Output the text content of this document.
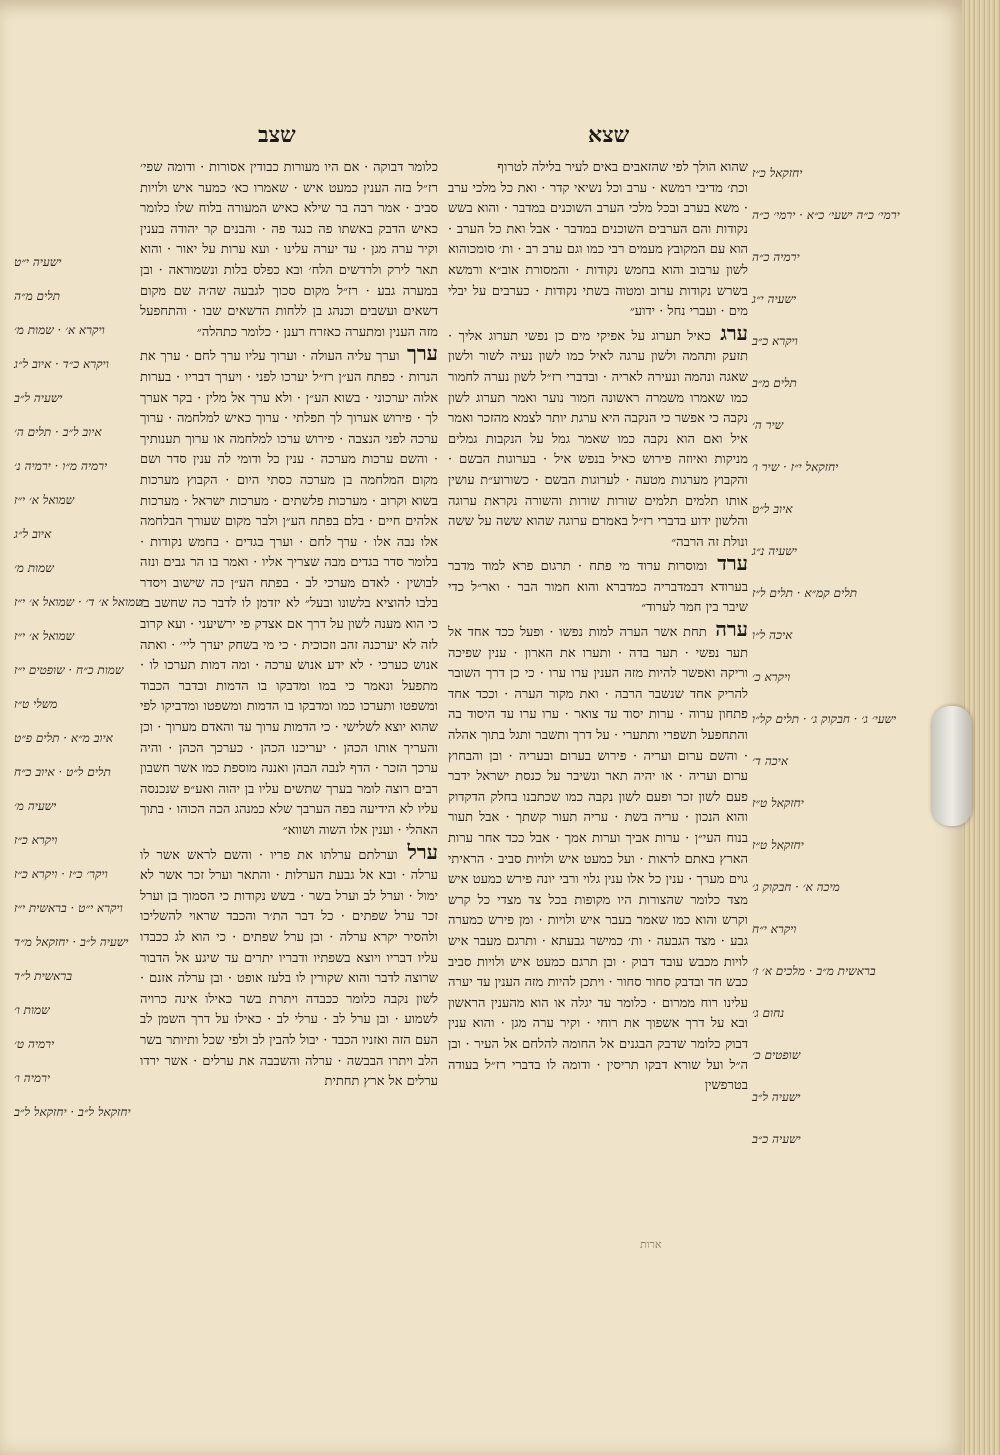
שצא
שצב

שהוא הולך לפי שהזאבים באים לעיר בלילה לטרוף

וכת׳ מדיבי רמשא · ערב וכל נשיאי קדר · ואת כל מלכי ערב · משא בערב ובכל מלכי הערב השוכנים במדבר · והוא בשש נקודות והם הערבים השוכנים במדבר · אבל ואת כל הערב · הוא עם המקובץ מעמים רבי כמו וגם ערב רב · ות׳ סומכוהוא לשון ערבוב והוא בחמש נקודות · והמסורת אוב״א ורמשא בשרש נקודות ערוב ומטוה בשתי נקודות · כערבים על יבלי מים · ועברי נחל · ידוע״

ערג כאיל תערוג על אפיקי מים כן נפשי תערוג אליך · תזעק ותהמה ולשון ערגה לאיל כמו לשון נעיה לשור ולשון שאגה ונהמה ונעירה לאריה · ובדברי רז״ל לשון נערה לחמור כמו שאמרו משמרה ראשונה חמור נוער ואמר תערוג לשון נקבה כי אפשר כי הנקבה היא ערגת יותר לצמא מהזכר ואמר איל ואם הוא נקבה כמו שאמר גמל על הנקבות גמלים מניקות ואיוזה פירוש כאיל בנפש איל · בערוגות הבשם · והקבוץ מערגות מטעה · לערוגות הבשם · כשורוע״ת עושין אותו תלמים תלמים שורות שורות והשורה נקראת ערוגה והלשון ידוע בדברי רז״ל באמרם ערוגה שהוא ששה על ששה ונולת זה הרבה״

ערד ומוסרות ערוד מי פתח · תרגום פרא למוד מדבר בערודא דבמדבריה כמדברא והוא חמור הבר · ואר״ל כדי שיבר בין חמר לערוד״

ערה תחת אשר הערה למות נפשו · ופעל ככד אחד אל תער נפשי · תער בדה · ותערו את הארון · ענין שפיכה וריקה ואפשר להיות מזה הענין ערו ערו · כי כן דרך השובר להריק אחד שנשבר הרבה · ואת מקור הערה · וככד אחד פתחון ערוה · ערות יסוד עד צואר · ערו ערו עד היסוד בה והתחפעל תשפרי ותתערי · על דרך ותשבר ותגל בתוך אהלה · והשם ערום ועריה · פירוש בערום ובעריה · ובן והבחוץ ערום ועריה · או יהיה תאר ונשיבר על כנסת ישראל ידבר פעם לשון זכר ופעם לשון נקבה כמו שכתבנו בחלק הדקדוק והוא הנכון · עריה בשת · עריה תעור קשתך · אבל תעור בנוח העי״ן · ערות אביך וערות אמך · אבל ככד אחר ערות הארץ באתם לראות · ועל כמעט איש ולויות סביב · הראיתי גוים מערך · ענין כל אלו ענין גלוי ורבי יונה פירש כמעט איש מצד כלומר שהצורות היו מקופות בכל צד מצדי כל קרש וקרש והוא כמו שאמר בעבר איש ולויות · ומן פירש כמערה גבע · מצד הגבעה · ות׳ כמישר גבעתא · ותרגם מעבר איש לויות מכבש עובד דבוק · ובן תרגם כמעט איש ולויות סביב כבש חד ובדבק סחור סחור · ויתכן להיות מזה הענין עד יערה עלינו רוח ממרום · כלומר עד יגלה או הוא מהענין הראשון ובא על דרך אשפוך את רוחי · וקיר ערה מגן · והוא ענין דבוק כלומר שדבק הבגנים אל החומה להלחם אל העיר · ובן ה״ל ועל שורא דבקו תריסין · ודומה לו בדברי רז״ל בעודה בטרפשין

כלומר דבוקה · אם היו מעורות כבודין אסורות · ודומה שפי׳ רז״ל בזה הענין כמעט איש · שאמרו כא׳ כמער איש ולויות סביב · אמר רבה בר שילא כאיש המעורה בלוח שלו כלומר כאיש הדבק באשתו פה כנגד פה · והבנים קר יהודה בענין וקיר ערה מגן · עד יערה עלינו · ועא ערות על יאור · והוא תאר לירק ולרדשים הלח׳ ובא כפלס בלות ונשמוראה · ובן במערה גבע · רז״ל מקום סכוך לגבעה שה׳ה שם מקום דשאים ועשבים וכנהג בן ללחות הדשאים שבו · והתחפעל מזה הענין ומתערה כאזרח רענן · כלומר כתהלה״

ערך וערך עליה העולה · וערוך עליו ערך לחם · ערך את הנרות · כפתח הע״ן רז״ל יערכו לפני · ויערך דבריו · בערות אלוה יערכוני · בשוא הע״ן · ולא ערך אל מלין · בקר אערך לך · פירוש אערוך לך תפלתי · ערוך כאיש למלחמה · ערוך ערכה לפני הנצבה · פירוש ערכו למלחמה או ערוך תענותיך · והשם ערכות מערכה · ענין כל ודומי לה ענין סדר ושם מקום המלחמה בן מערכה כסתי היום · הקבוץ מערכות בשוא וקרוב · מערכות פלשתים · מערכות ישראל · מערכות אלהים חיים · בלם בפתח הע״ן ולבר מקום שעורך הבלחמה אלו נבה אלו · ערך לחם · וערך בגדים · בחמש נקודות · בלומר סדר בגדים מבה שצריך אליו · ואמר בו הר גבים ונזה לבושין · לאדם מערכי לב · בפתח הע״ן כה שישוב ויסדר בלבו להוציא בלשונו ובעל״ לא יזדמן לו לדבר כה שחשב בו כי הוא מענה לשון על דרך אם אצדק פי ירשיעני · ועא קרוב לזה לא יערכנה זהב וזכוכית · כי מי בשחק יערך ליי׳ · ואתה אנוש כערכי · לא ידע אנוש ערכה · ומה דמות תערכו לו · מתפעל ונאמר כי במו ומדבקו בו הדמות ובדבר הכבוד ומשפטו ותערכו כמו ומדבקו בו הדמות ומשפטו ומדביקו לפי שהוא יוצא לשלישי · כי הדמות ערוך עד והאדם מערוך · וכן והעריך אותו הכהן · יעריכנו הכהן · כערכך הכהן · והיה ערכך הזכר · הדף לנבה הבהן ואננה מוספת כמו אשר חשבון רבים רוצה לומר בערך שתשים עליו בן יהוה ואע״פ שנכנסה עליו לא הידיעה בפה הערבך שלא כמנהג הכה הכוהו · בתוך האהלי · וענין אלו השוה ושווא״

ערל וערלתם ערלתו את פריו · והשם לראש אשר לו ערלה · ובא אל גבעת הערלות · והתאר וערל זכר אשר לא ימול · וערל לב וערל בשר · בשש נקודות כי הסמוך בן וערל זכר ערל שפתים · כל דבר הת׳ר והכבד שראוי להשליכו ולהסיר יקרא ערלה · ובן ערל שפתים · כי הוא לג ככבדו עליו דבריו ויוצא בשפתיו ודבריו יתרים עד שיגע אל הדבור שרוצה לדבר והוא שקורין לו בלעז אופט · ובן ערלה אזנם · לשון נקבה כלומר ככבדה ויתרת בשר כאילו אינה כרויה לשמוע · ובן ערל לב · ערלי לב · כאילו על דרך השמן לב העם הזה ואזניו הכבד · יבול להבין לב ולפי שכל ותיותר בשר הלב ויתרו הבבשה · ערלה והשבבה את ערלים · אשר ירדו ערלים אל ארץ תחתית

יחזקאל כ״ז
ירמי׳ כ״ה ישעי׳ כ״א · ירמי׳ כ״ה
ירמיה כ״ה
ישעיה י״ג
ויקרא כ״ב
תלים מ״ב
שיר ה׳
יחזקאל י״ז · שיר ו׳
איוב ל״ט
ישעיה נ״ג
תלים קמ״א · תלים ל״ז
איכה ל״ו
ויקרא כ׳
ישעי׳ ג׳ · חבקוק ג׳ · תלים קל״ו
איכה ד׳
יחזקאל ט״ז
יחזקאל ט״ז
מיכה א׳ · חבקוק ג׳
ויקרא י״ח
בראשית מ״ב · מלכים א׳ ז׳
נחום ג׳
שופטים כ׳
ישעיה ל״ב
ישעיה כ״ב
ישעיה י״ט
תלים מ״ה
ויקרא א׳ · שמות מ׳
ויקרא כ״ד · איוב ל״ג
ישעיה ל״ב
איוב ל״ב · תלים ה׳
ירמיה מ״ו · ירמיה נ׳
שמואל א׳ י״ז
איוב ל״ג
שמות מ׳
שמואל א׳ ד׳ · שמואל א׳ י״ז
שמואל א׳ י״ז
שמות כ״ח · שופטים י״ז
משלי ט״ז
איוב מ״א · תלים פ״ט
תלים ל״ט · איוב כ״ח
ישעיה מ׳
ויקרא כ״ז
ויקר׳ כ״ז · ויקרא כ״ז
ויקרא י״ט · בראשית י״ז
ישעיה ל״ב · יחזקאל מ״ד
בראשית ל״ד
שמות ו׳
ירמיה ט׳
ירמיה ו׳
יחזקאל ל״ב · יחזקאל ל״ב
ארות
